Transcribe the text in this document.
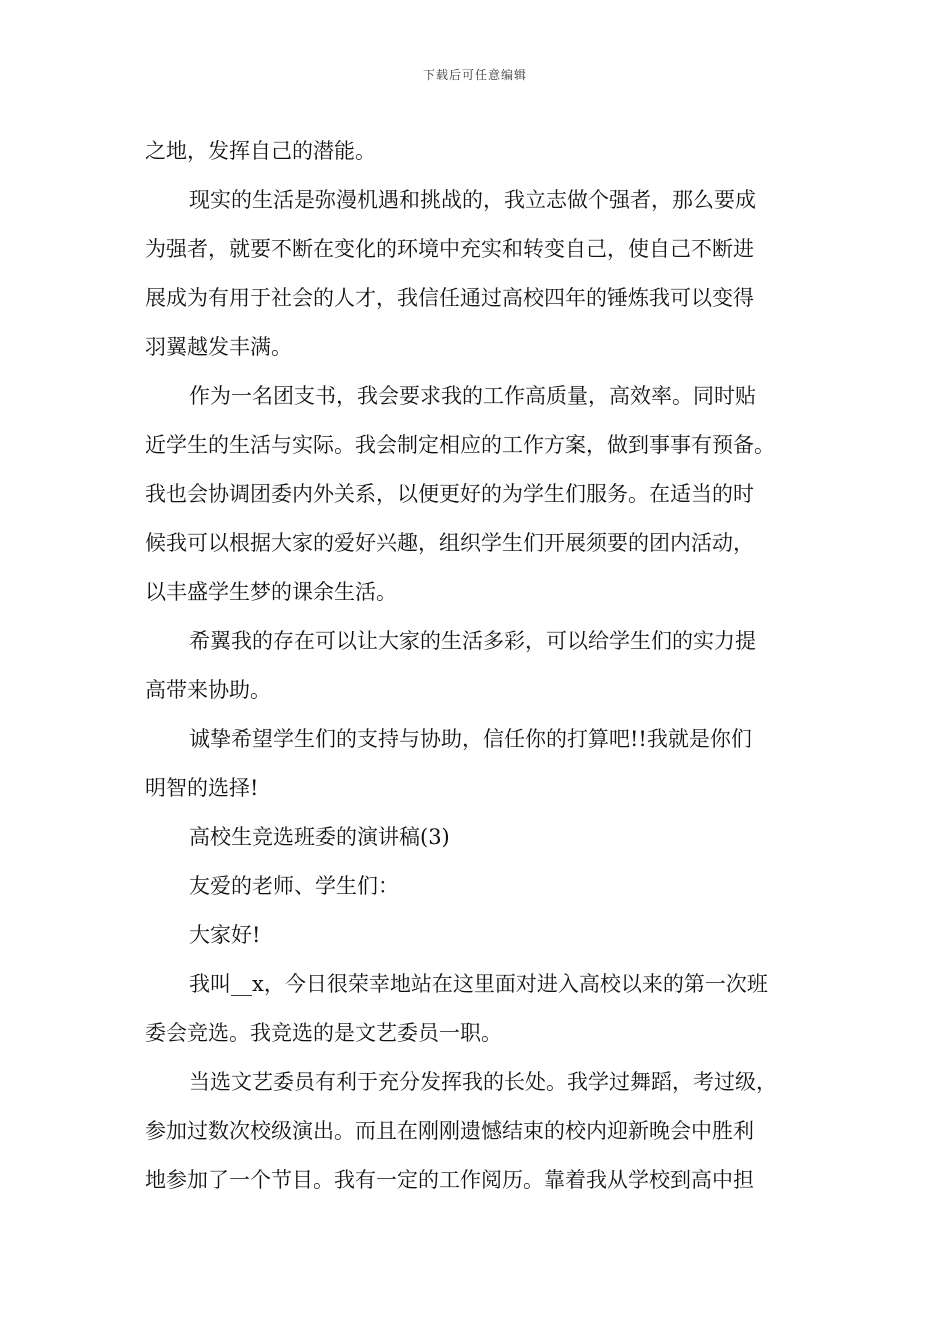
下载后可任意编辑
之地，发挥自己的潜能。
现实的生活是弥漫机遇和挑战的，我立志做个强者，那么要成
为强者，就要不断在变化的环境中充实和转变自己，使自己不断进
展成为有用于社会的人才，我信任通过高校四年的锤炼我可以变得
羽翼越发丰满。
作为一名团支书，我会要求我的工作高质量，高效率。同时贴
近学生的生活与实际。我会制定相应的工作方案，做到事事有预备。
我也会协调团委内外关系，以便更好的为学生们服务。在适当的时
候我可以根据大家的爱好兴趣，组织学生们开展须要的团内活动，
以丰盛学生梦的课余生活。
希翼我的存在可以让大家的生活多彩，可以给学生们的实力提
高带来协助。
诚挚希望学生们的支持与协助，信任你的打算吧!!我就是你们
明智的选择!
高校生竞选班委的演讲稿(3)
友爱的老师、学生们：
大家好!
我叫__x，今日很荣幸地站在这里面对进入高校以来的第一次班
委会竞选。我竞选的是文艺委员一职。
当选文艺委员有利于充分发挥我的长处。我学过舞蹈，考过级，
参加过数次校级演出。而且在刚刚遗憾结束的校内迎新晚会中胜利
地参加了一个节目。我有一定的工作阅历。靠着我从学校到高中担
